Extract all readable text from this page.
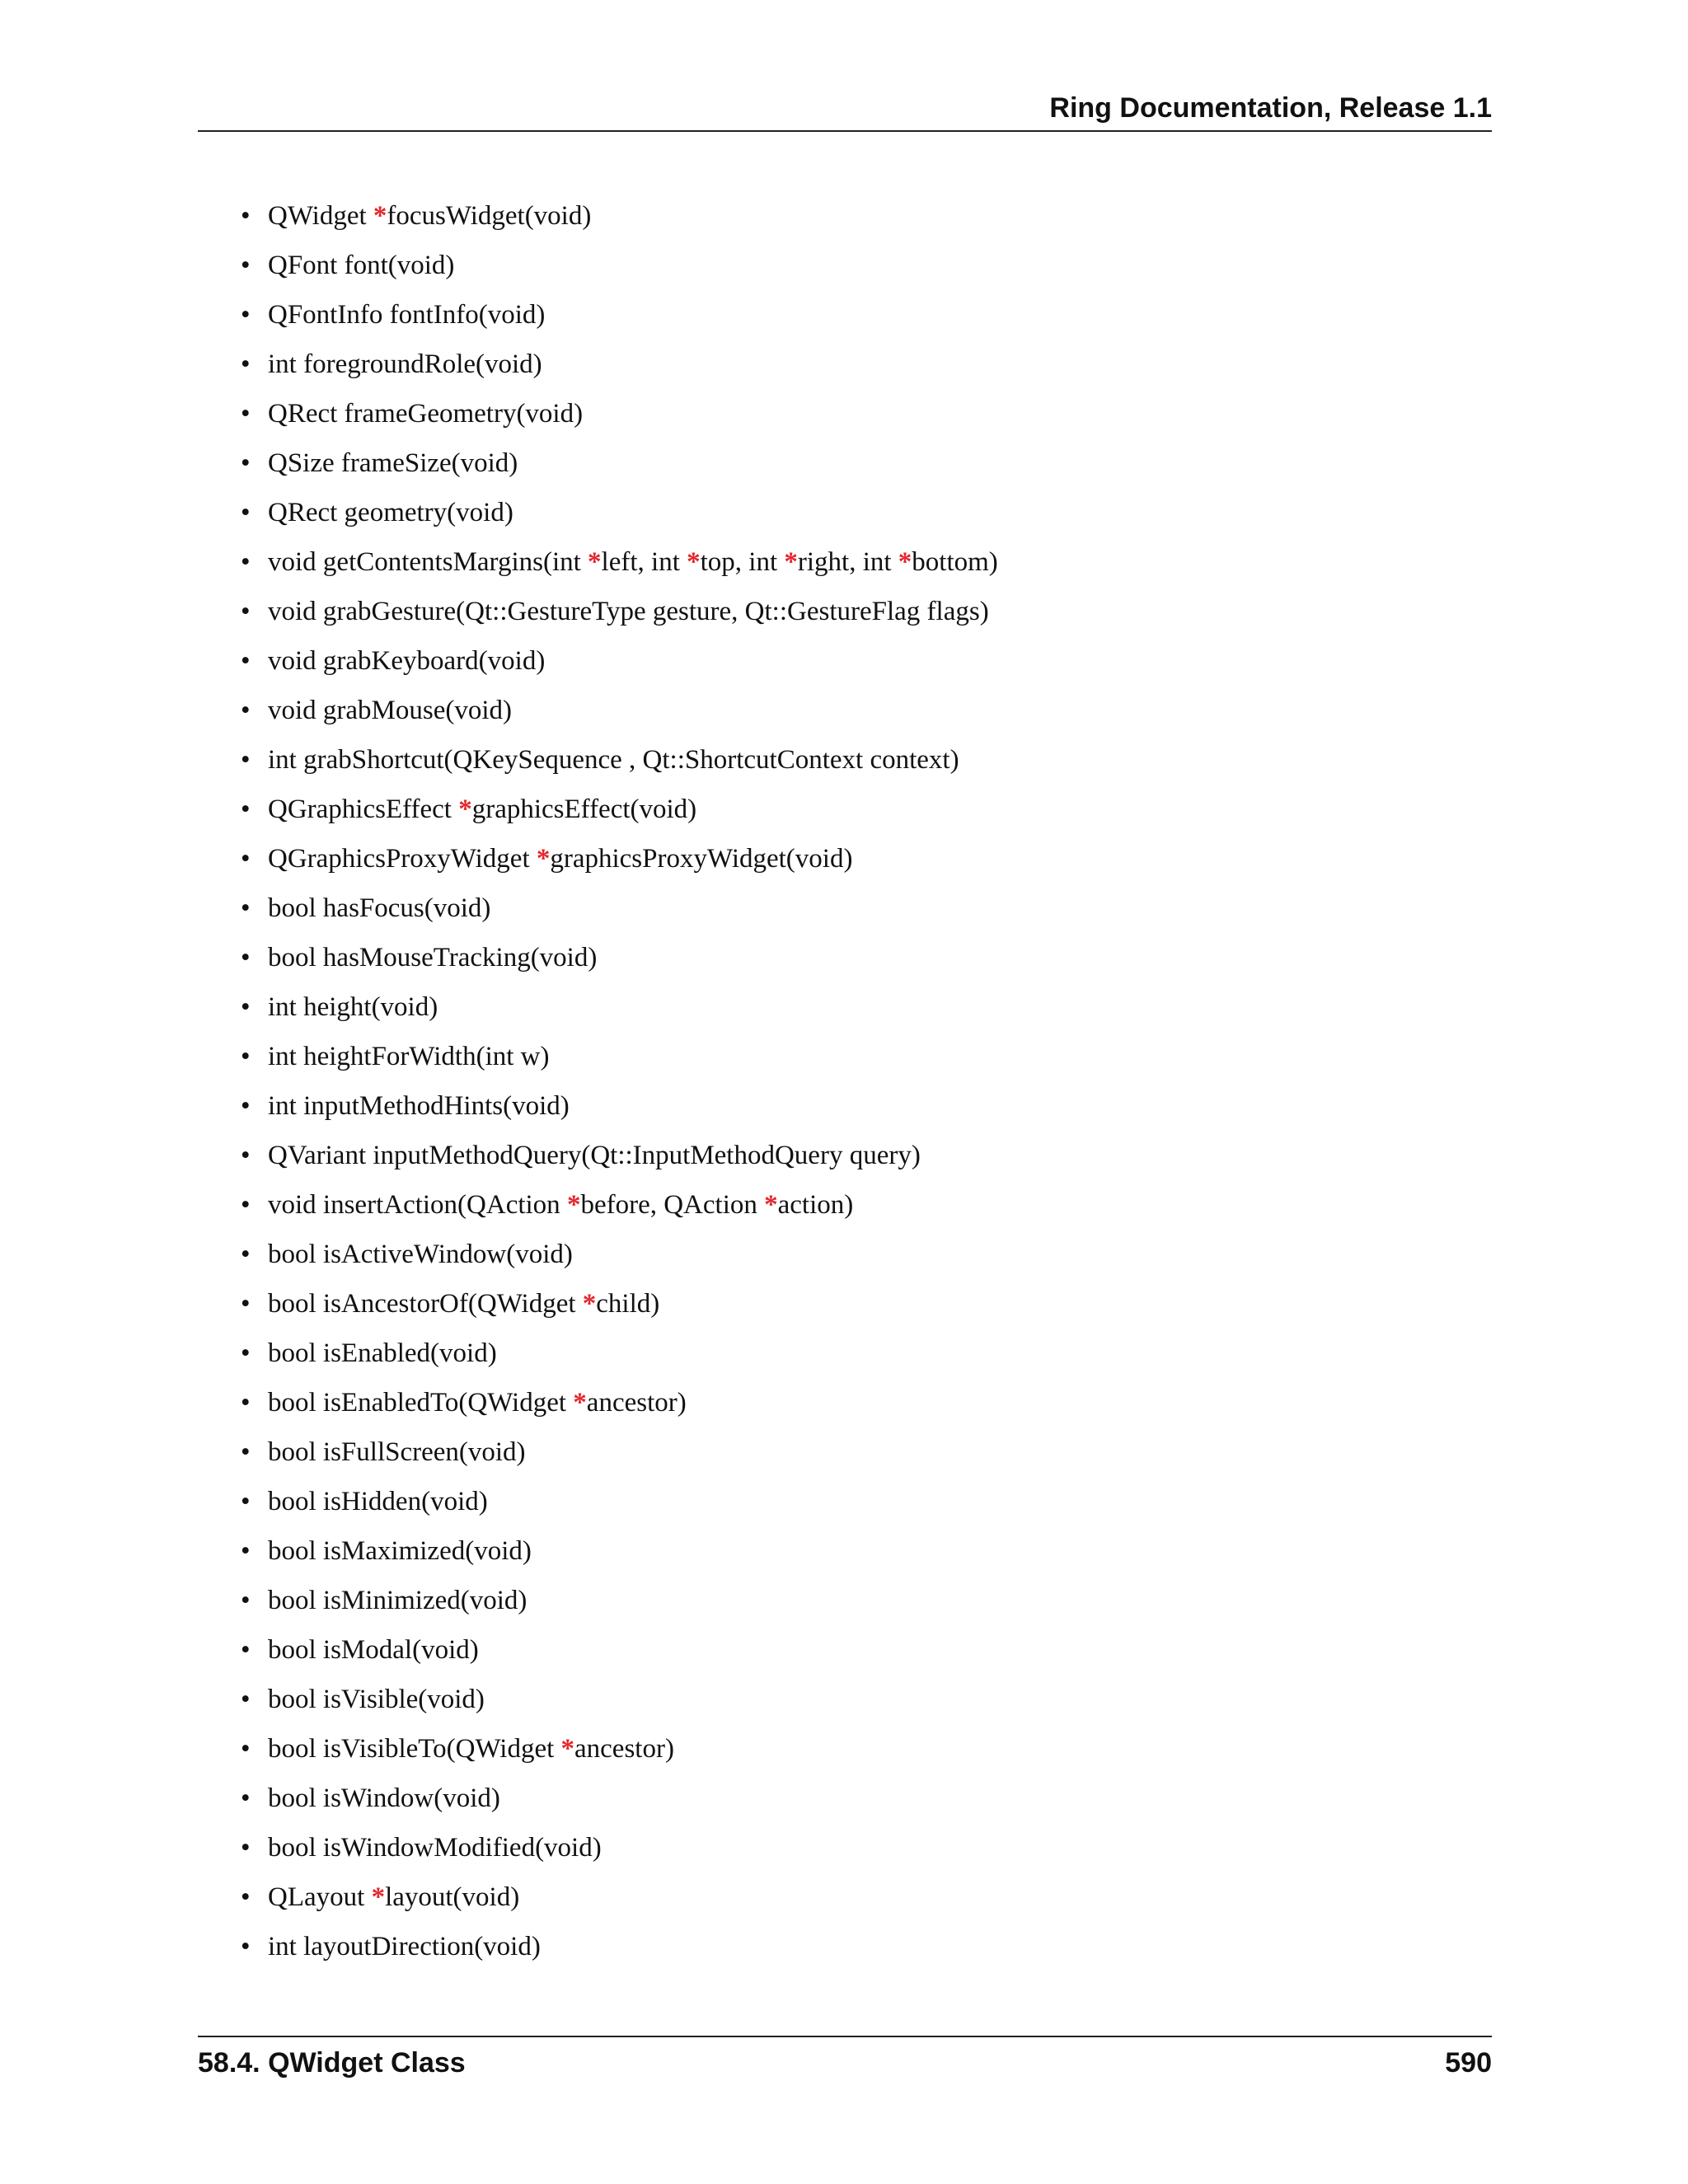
Ring Documentation, Release 1.1
• QWidget *focusWidget(void)
• QFont font(void)
• QFontInfo fontInfo(void)
• int foregroundRole(void)
• QRect frameGeometry(void)
• QSize frameSize(void)
• QRect geometry(void)
• void getContentsMargins(int *left, int *top, int *right, int *bottom)
• void grabGesture(Qt::GestureType gesture, Qt::GestureFlag flags)
• void grabKeyboard(void)
• void grabMouse(void)
• int grabShortcut(QKeySequence , Qt::ShortcutContext context)
• QGraphicsEffect *graphicsEffect(void)
• QGraphicsProxyWidget *graphicsProxyWidget(void)
• bool hasFocus(void)
• bool hasMouseTracking(void)
• int height(void)
• int heightForWidth(int w)
• int inputMethodHints(void)
• QVariant inputMethodQuery(Qt::InputMethodQuery query)
• void insertAction(QAction *before, QAction *action)
• bool isActiveWindow(void)
• bool isAncestorOf(QWidget *child)
• bool isEnabled(void)
• bool isEnabledTo(QWidget *ancestor)
• bool isFullScreen(void)
• bool isHidden(void)
• bool isMaximized(void)
• bool isMinimized(void)
• bool isModal(void)
• bool isVisible(void)
• bool isVisibleTo(QWidget *ancestor)
• bool isWindow(void)
• bool isWindowModified(void)
• QLayout *layout(void)
• int layoutDirection(void)
58.4. QWidget Class	590
